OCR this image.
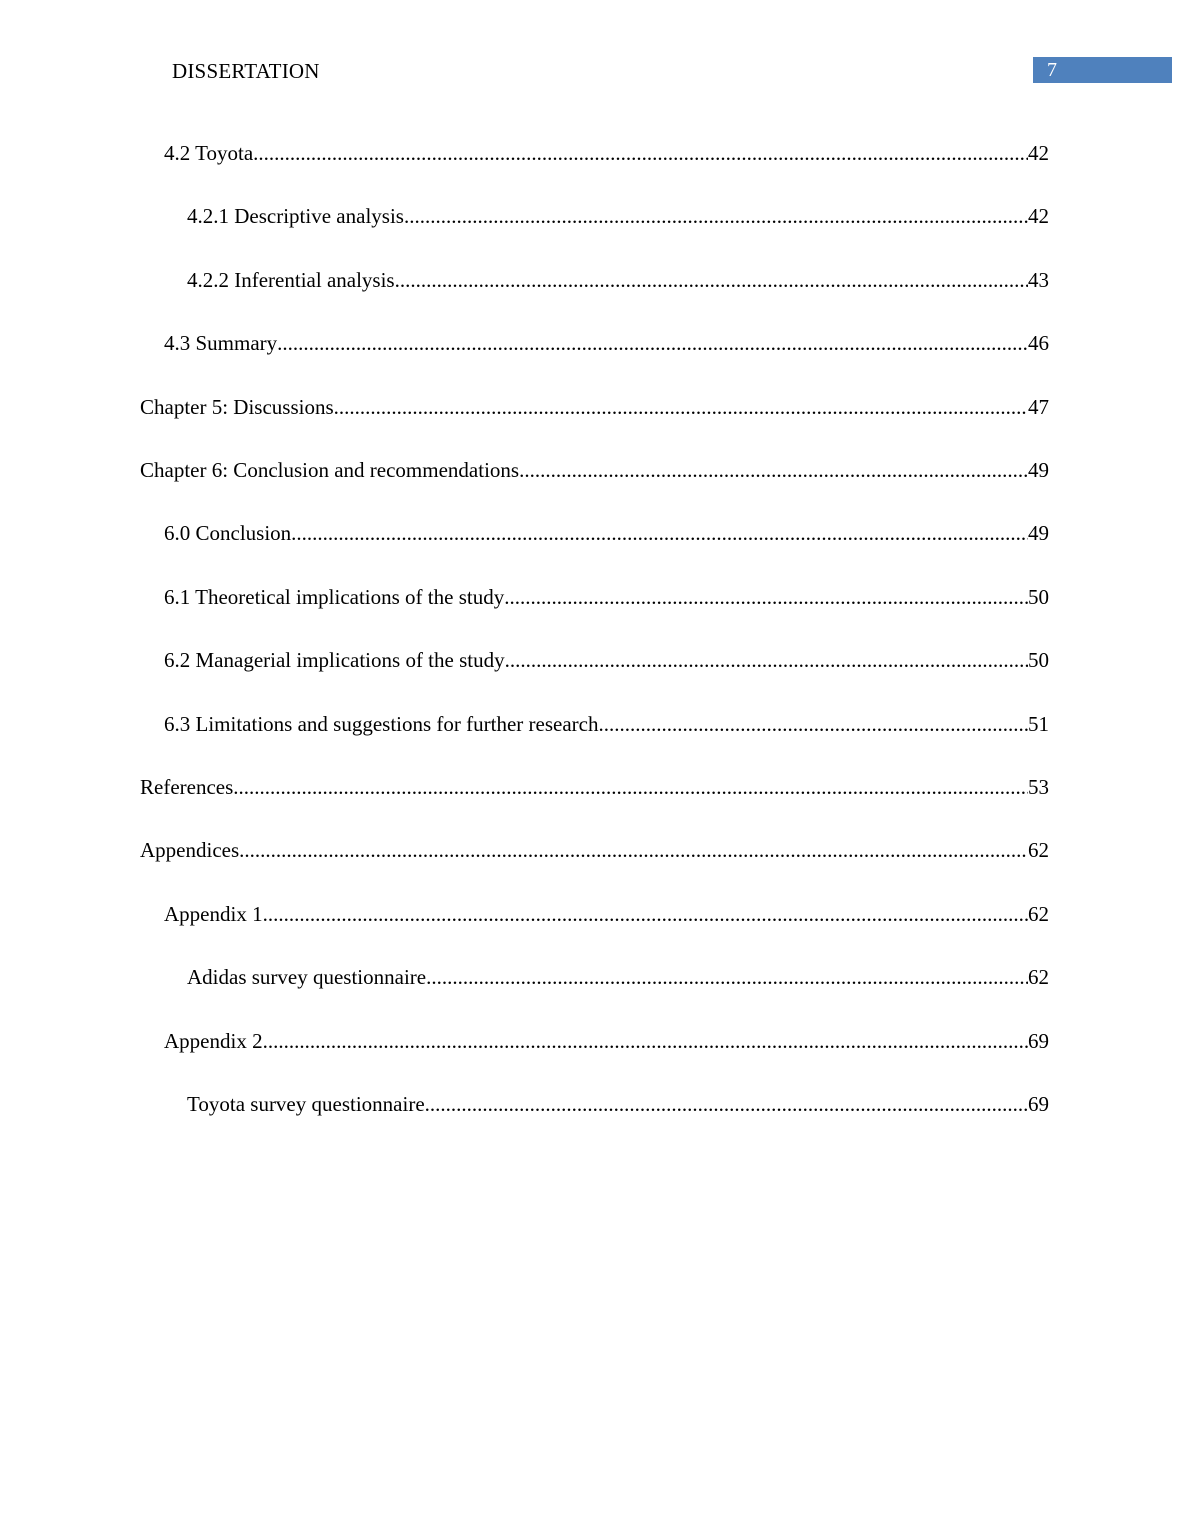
DISSERTATION	7
4.2 Toyota .....	42
4.2.1 Descriptive analysis .....	42
4.2.2 Inferential analysis .....	43
4.3 Summary .....	46
Chapter 5: Discussions .....	47
Chapter 6: Conclusion and recommendations .....	49
6.0 Conclusion .....	49
6.1 Theoretical implications of the study .....	50
6.2 Managerial implications of the study .....	50
6.3 Limitations and suggestions for further research .....	51
References .....	53
Appendices .....	62
Appendix 1 .....	62
Adidas survey questionnaire .....	62
Appendix 2 .....	69
Toyota survey questionnaire .....	69
